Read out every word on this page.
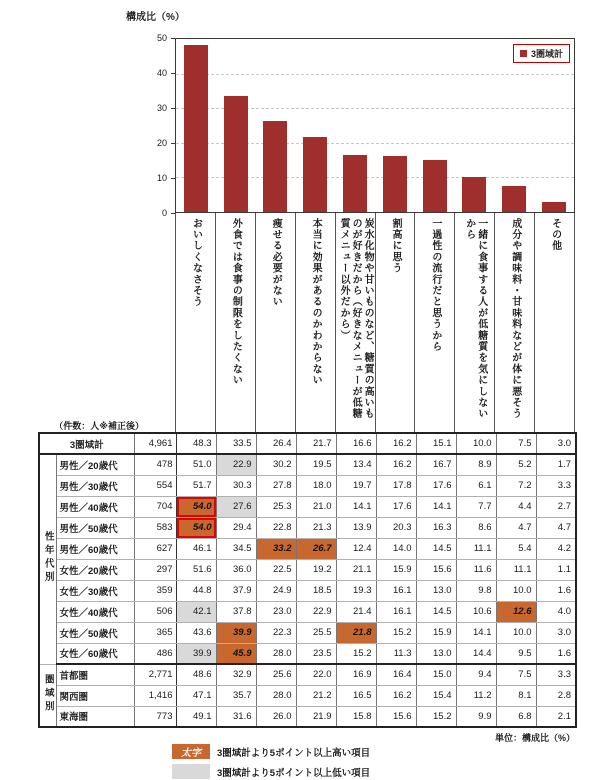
構成比（%）
0
10
20
30
40
50
3圏域計
おいしくなさそう	外食では食事の制限をしたくない	痩せる必要がない	本当に効果があるのかわからない	炭水化物や甘いものなど、糖質の高いものが好きだから（好きなメニューが低糖質メニュー以外だから）	割高に思う	一過性の流行だと思うから	一緒に食事する人が低糖質を気にしないから	成分や調味料・甘味料などが体に悪そう	その他
（件数：人※補正後）
3圏域計		4,961	48.3	33.5	26.4	21.7	16.6	16.2	15.1	10.0	7.5	3.0
性年代別	男性／20歳代	478	51.0	22.9	30.2	19.5	13.4	16.2	16.7	8.9	5.2	1.7
	男性／30歳代	554	51.7	30.3	27.8	18.0	19.7	17.8	17.6	6.1	7.2	3.3
	男性／40歳代	704	54.0	27.6	25.3	21.0	14.1	17.6	14.1	7.7	4.4	2.7
	男性／50歳代	583	54.0	29.4	22.8	21.3	13.9	20.3	16.3	8.6	4.7	4.7
	男性／60歳代	627	46.1	34.5	33.2	26.7	12.4	14.0	14.5	11.1	5.4	4.2
	女性／20歳代	297	51.6	36.0	22.5	19.2	21.1	15.9	15.6	11.6	11.1	1.1
	女性／30歳代	359	44.8	37.9	24.9	18.5	19.3	16.1	13.0	9.8	10.0	1.6
	女性／40歳代	506	42.1	37.8	23.0	22.9	21.4	16.1	14.5	10.6	12.6	4.0
	女性／50歳代	365	43.6	39.9	22.3	25.5	21.8	15.2	15.9	14.1	10.0	3.0
	女性／60歳代	486	39.9	45.9	28.0	23.5	15.2	11.3	13.0	14.4	9.5	1.6
圏域別	首都圏	2,771	48.6	32.9	25.6	22.0	16.9	16.4	15.0	9.4	7.5	3.3
	関西圏	1,416	47.1	35.7	28.0	21.2	16.5	16.2	15.4	11.2	8.1	2.8
	東海圏	773	49.1	31.6	26.0	21.9	15.8	15.6	15.2	9.9	6.8	2.1
単位：構成比（%）
太字 3圏域計より5ポイント以上高い項目
3圏域計より5ポイント以上低い項目
